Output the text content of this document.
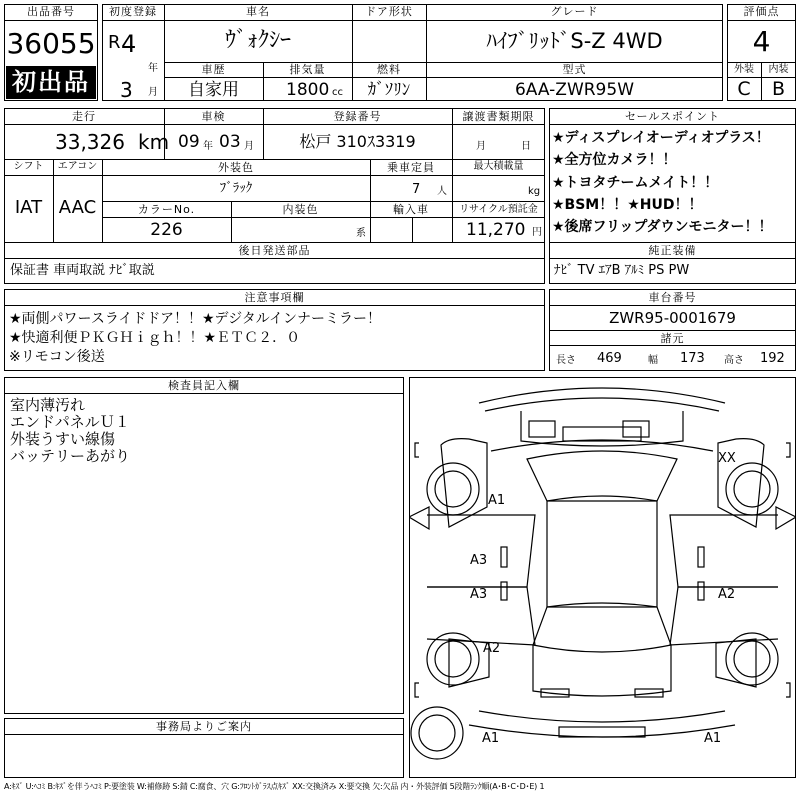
出品番号
36055
初出品
初度登録
R 4
年
3 月
車名
ｳﾞｫｸｼｰ
ドア形状	グレード
ﾊｲﾌﾞﾘｯﾄﾞS-Z 4WD
車歴
自家用
排気量
1800 cc
燃料
ｶﾞｿﾘﾝ
型式
6AA-ZWR95W
評価点
4
外装	内装
C	B
走行
33,326 km
車検
09 年 03 月
登録番号
松戸 310ｽ3319
譲渡書類期限
月	日
シフト
IAT
エアコン
AAC
外装色
ﾌﾞﾗｯｸ
乗車定員
7 人
最大積載量
kg
カラーNo.
226
内装色
系
輸入車	リサイクル預託金
11,270 円
後日発送部品
保証書 車両取説 ﾅﾋﾞ取説
セールスポイント
★ディスプレイオーディオプラス！
★全方位カメラ！！
★トヨタチームメイト！！
★BSM！！★HUD！！
★後席フリップダウンモニター！！
純正装備
ﾅﾋﾞ TV ｴｱB ｱﾙﾐ PS PW
注意事項欄
★両側パワースライドドア！！★デジタルインナーミラー！
★快適利便ＰＫＧＨｉｇｈ！！★ＥＴＣ２．０
※リモコン後送
車台番号
ZWR95-0001679
諸元
長さ 469	幅 173 高さ 192
検査員記入欄
室内薄汚れ
エンドパネルＵ１
外装うすい線傷
バッテリーあがり
事務局よりご案内
XX
A1
A3
A3	A2
A2
A1	A1
A:ｷｽﾞ U:ﾍｺﾐ B:ｷｽﾞを伴うﾍｺﾐ P:要塗装 W:補修跡 S:錆 C:腐食、穴 G:ﾌﾛﾝﾄｶﾞﾗｽ点ｷｽﾞ XX:交換済み X:要交換 欠:欠品 内・外装評価 5段階ﾗﾝｸ順(A･B･C･D･E) 1
